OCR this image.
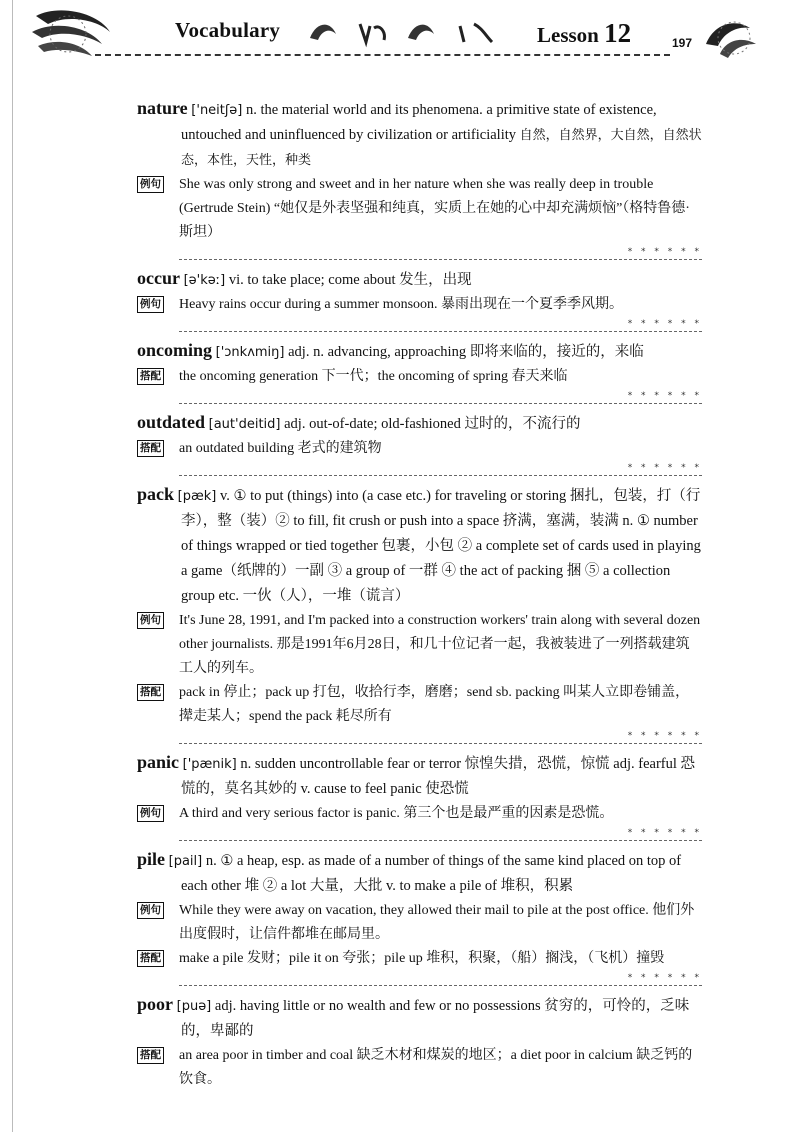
Vocabulary	Lesson 12	197

nature ['neitʃə] n. the material world and its phenomena. a primitive state of existence, untouched and uninfluenced by civilization or artificiality 自然，自然界，大自然，自然状态，本性，天性，种类

例句 She was only strong and sweet and in her nature when she was really deep in trouble (Gertrude Stein) “她仅是外表坚强和纯真，实质上在她的心中却充满烦恼”（格特鲁德·斯坦）

* * * * * *

occur [ə'kəː] vi. to take place; come about 发生，出现

例句 Heavy rains occur during a summer monsoon. 暴雨出现在一个夏季季风期。

* * * * * *

oncoming ['ɔnkʌmiŋ] adj. n. advancing, approaching 即将来临的，接近的，来临

搭配 the oncoming generation 下一代；the oncoming of spring 春天来临

* * * * * *

outdated [aut'deitid] adj. out-of-date; old-fashioned 过时的，不流行的

搭配 an outdated building 老式的建筑物

* * * * * *

pack [pæk] v. ① to put (things) into (a case etc.) for traveling or storing 捆扎，包装，打（行李），整（装）② to fill, fit crush or push into a space 挤满，塞满，装满 n. ① number of things wrapped or tied together 包裹，小包 ② a complete set of cards used in playing a game（纸牌的）一副 ③ a group of 一群 ④ the act of packing 捆 ⑤ a collection group etc. 一伙（人），一堆（谎言）

例句 It's June 28, 1991, and I'm packed into a construction workers' train along with several dozen other journalists. 那是1991年6月28日，和几十位记者一起，我被装进了一列搭载建筑工人的列车。

搭配 pack in 停止；pack up 打包，收拾行李，磨磨；send sb. packing 叫某人立即卷铺盖，撵走某人；spend the pack 耗尽所有

* * * * * *

panic ['pænik] n. sudden uncontrollable fear or terror 惊惶失措，恐慌，惊慌 adj. fearful 恐慌的，莫名其妙的 v. cause to feel panic 使恐慌

例句 A third and very serious factor is panic. 第三个也是最严重的因素是恐慌。

* * * * * *

pile [pail] n. ① a heap, esp. as made of a number of things of the same kind placed on top of each other 堆 ② a lot 大量，大批 v. to make a pile of 堆积，积累

例句 While they were away on vacation, they allowed their mail to pile at the post office. 他们外出度假时，让信件都堆在邮局里。

搭配 make a pile 发财；pile it on 夸张；pile up 堆积，积聚，（船）搁浅，（飞机）撞毁

* * * * * *

poor [puə] adj. having little or no wealth and few or no possessions 贫穷的，可怜的，乏味的，卑鄙的

搭配 an area poor in timber and coal 缺乏木材和煤炭的地区；a diet poor in calcium 缺乏钙的饮食。
